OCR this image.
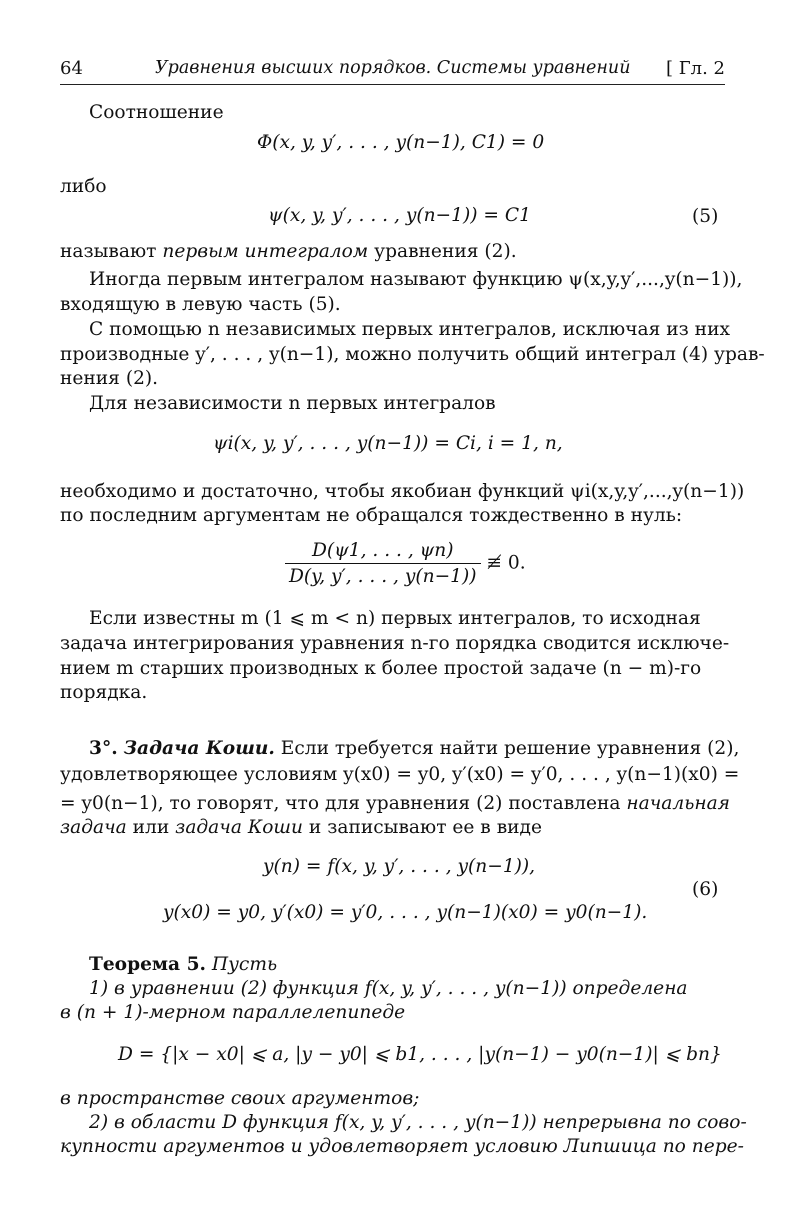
64	Уравнения высших порядков. Системы уравнений [ Гл. 2
Соотношение
Φ(x, y, y′, . . . , y(n−1), C1) = 0
либо
ψ(x, y, y′, . . . , y(n−1)) = C1	(5)
называют первым интегралом уравнения (2).
Иногда первым интегралом называют функцию ψ(x,y,y′,...,y(n−1)),
входящую в левую часть (5).
С помощью n независимых первых интегралов, исключая из них
производные y′, . . . , y(n−1), можно получить общий интеграл (4) урав-
нения (2).
Для независимости n первых интегралов
ψi(x, y, y′, . . . , y(n−1)) = Ci, i = 1, n,
необходимо и достаточно, чтобы якобиан функций ψi(x,y,y′,...,y(n−1))
по последним аргументам не обращался тождественно в нуль:
$\frac{D(\psi 1, . . . , \psi n)}{D(y, y', . . . , y(n-1))}$ ≢ 0.
Если известны m (1 ⩽ m < n) первых интегралов, то исходная
задача интегрирования уравнения n-го порядка сводится исключе-
нием m старших производных к более простой задаче (n − m)-го
порядка.
3°. Задача Коши. Если требуется найти решение уравнения (2),
удовлетворяющее условиям y(x0) = y0, y′(x0) = y′0, . . . , y(n−1)(x0) =
= y0(n−1), то говорят, что для уравнения (2) поставлена начальная
задача или задача Коши и записывают ее в виде
y(n) = f(x, y, y′, . . . , y(n−1)),
y(x0) = y0, y′(x0) = y′0, . . . , y(n−1)(x0) = y0(n−1).
(6)
Теорема 5. Пусть
1) в уравнении (2) функция f(x, y, y′, . . . , y(n−1)) определена
в (n + 1)-мерном параллелепипеде
D = {|x − x0| ⩽ a, |y − y0| ⩽ b1, . . . , |y(n−1) − y0(n−1)| ⩽ bn}
в пространстве своих аргументов;
2) в области D функция f(x, y, y′, . . . , y(n−1)) непрерывна по сово-
купности аргументов и удовлетворяет условию Липшица по пере-
